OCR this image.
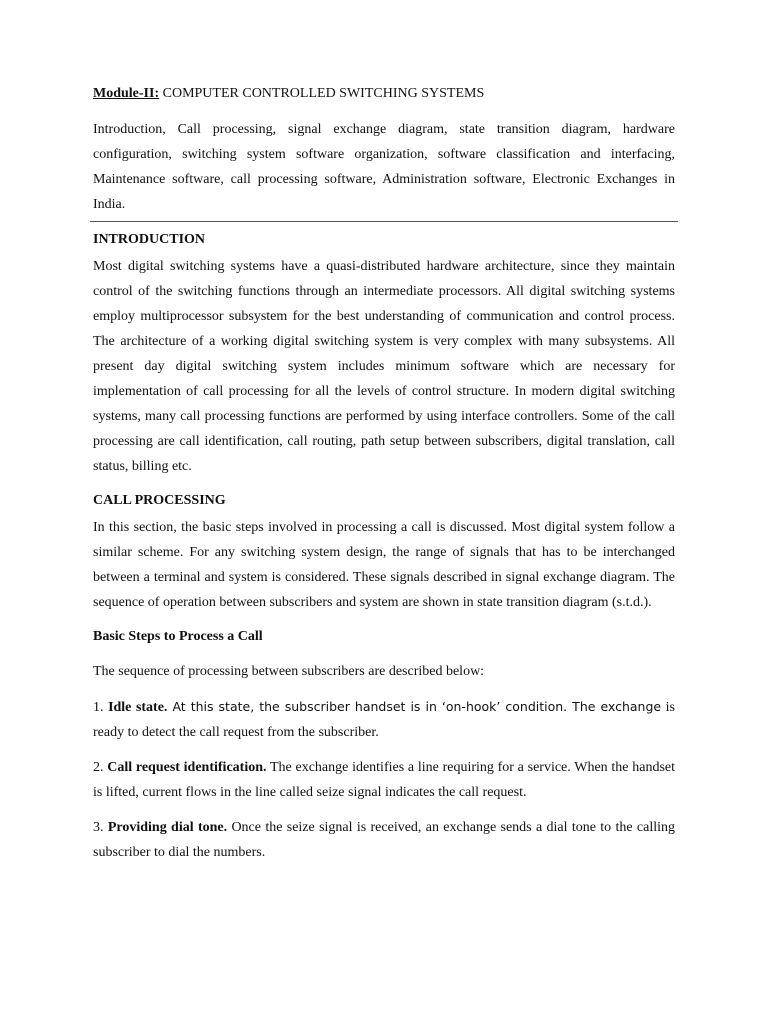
Module-II: COMPUTER CONTROLLED SWITCHING SYSTEMS

Introduction, Call processing, signal exchange diagram, state transition diagram, hardware configuration, switching system software organization, software classification and interfacing, Maintenance software, call processing software, Administration software, Electronic Exchanges in India.

INTRODUCTION

Most digital switching systems have a quasi-distributed hardware architecture, since they maintain control of the switching functions through an intermediate processors. All digital switching systems employ multiprocessor subsystem for the best understanding of communication and control process. The architecture of a working digital switching system is very complex with many subsystems. All present day digital switching system includes minimum software which are necessary for implementation of call processing for all the levels of control structure. In modern digital switching systems, many call processing functions are performed by using interface controllers. Some of the call processing are call identification, call routing, path setup between subscribers, digital translation, call status, billing etc.

CALL PROCESSING

In this section, the basic steps involved in processing a call is discussed. Most digital system follow a similar scheme. For any switching system design, the range of signals that has to be interchanged between a terminal and system is considered. These signals described in signal exchange diagram. The sequence of operation between subscribers and system are shown in state transition diagram (s.t.d.).

Basic Steps to Process a Call

The sequence of processing between subscribers are described below:

1. Idle state. At this state, the subscriber handset is in ‘on-hook’ condition. The exchange is ready to detect the call request from the subscriber.

2. Call request identification. The exchange identifies a line requiring for a service. When the handset is lifted, current flows in the line called seize signal indicates the call request.

3. Providing dial tone. Once the seize signal is received, an exchange sends a dial tone to the calling subscriber to dial the numbers.
